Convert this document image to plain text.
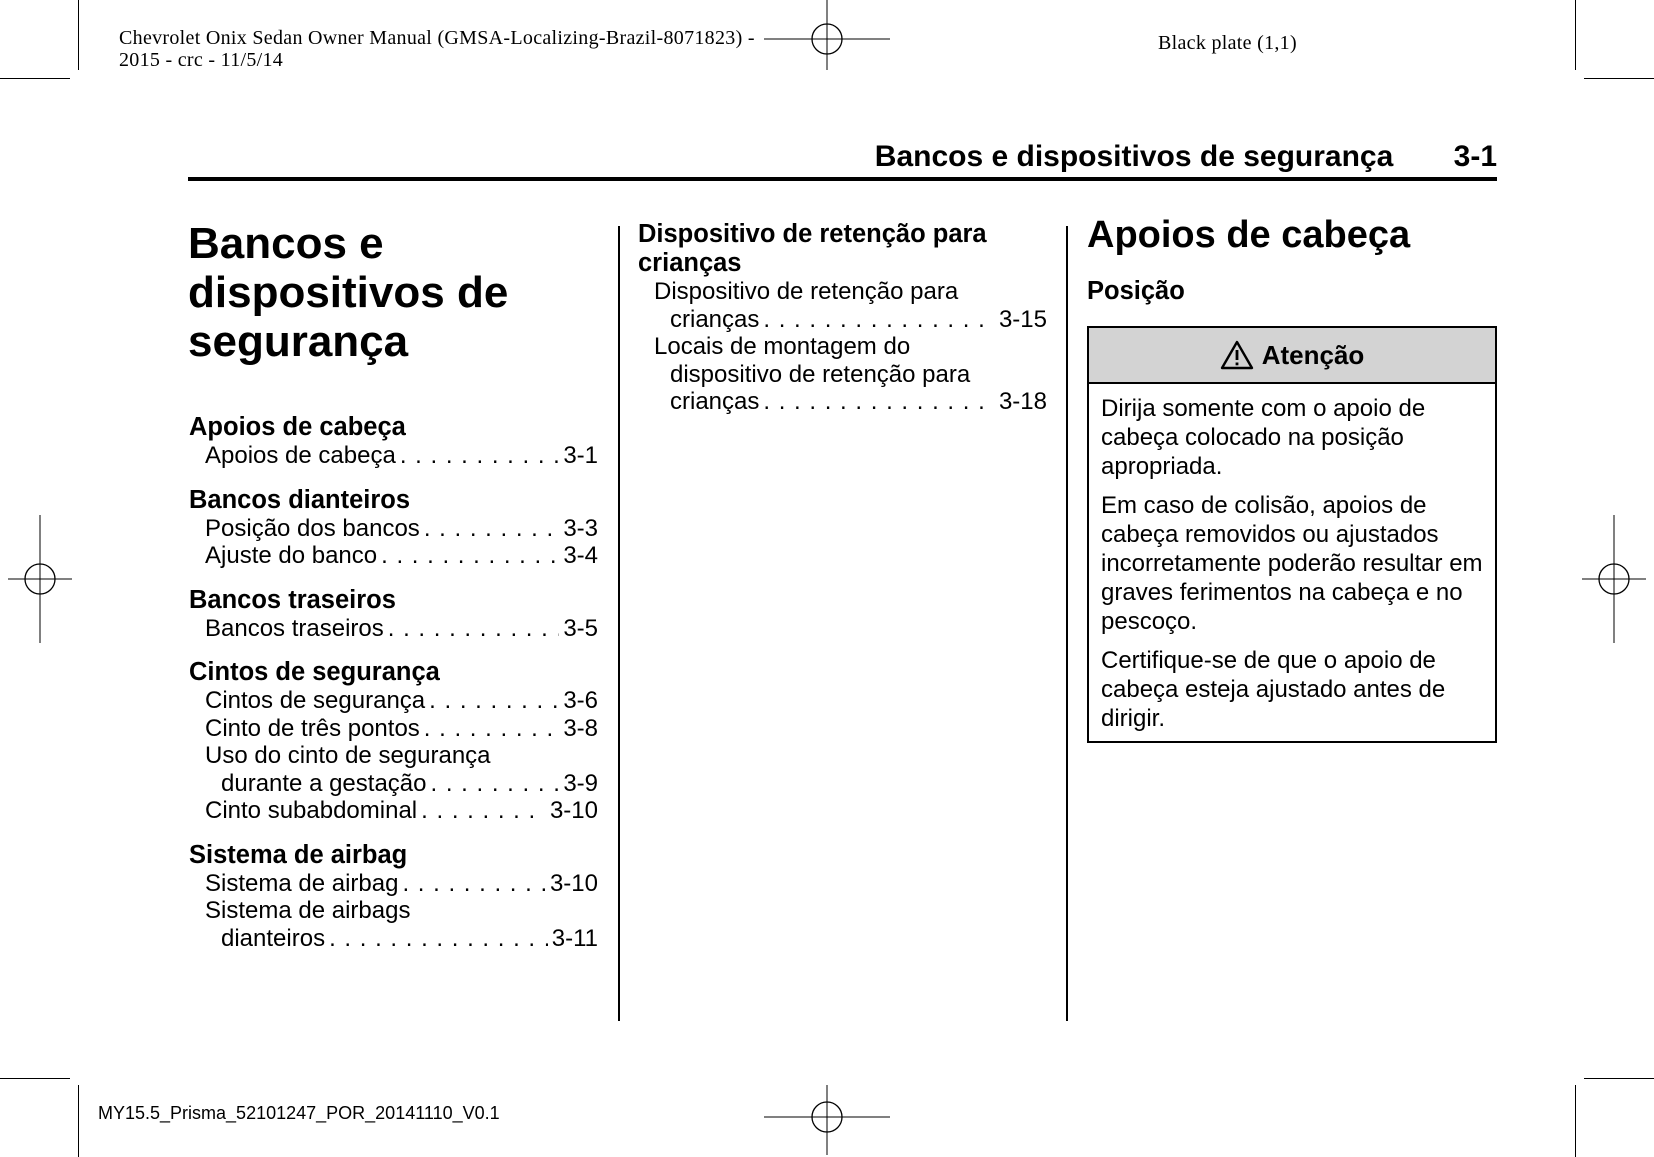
Chevrolet Onix Sedan Owner Manual (GMSA-Localizing-Brazil-8071823) -
2015 - crc - 11/5/14
Black plate (1,1)
Bancos e dispositivos de segurança 3-1
Bancos e
dispositivos de
segurança
Apoios de cabeça
Apoios de cabeça . . .	3-1
Bancos dianteiros
Posição dos bancos . . .	3-3
Ajuste do banco . . .	3-4
Bancos traseiros
Bancos traseiros . . .	3-5
Cintos de segurança
Cintos de segurança . . .	3-6
Cinto de três pontos . . .	3-8
Uso do cinto de segurança
durante a gestação . . .	3-9
Cinto subabdominal . . .	3-10
Sistema de airbag
Sistema de airbag . . .	3-10
Sistema de airbags
dianteiros . . .	3-11
Dispositivo de retenção para
crianças
Dispositivo de retenção para
crianças . . .	3-15
Locais de montagem do
dispositivo de retenção para
crianças . . .	3-18
Apoios de cabeça
Posição
Atenção

Dirija somente com o apoio de cabeça colocado na posição apropriada.

Em caso de colisão, apoios de cabeça removidos ou ajustados incorretamente poderão resultar em graves ferimentos na cabeça e no pescoço.

Certifique-se de que o apoio de cabeça esteja ajustado antes de dirigir.

MY15.5_Prisma_52101247_POR_20141110_V0.1
